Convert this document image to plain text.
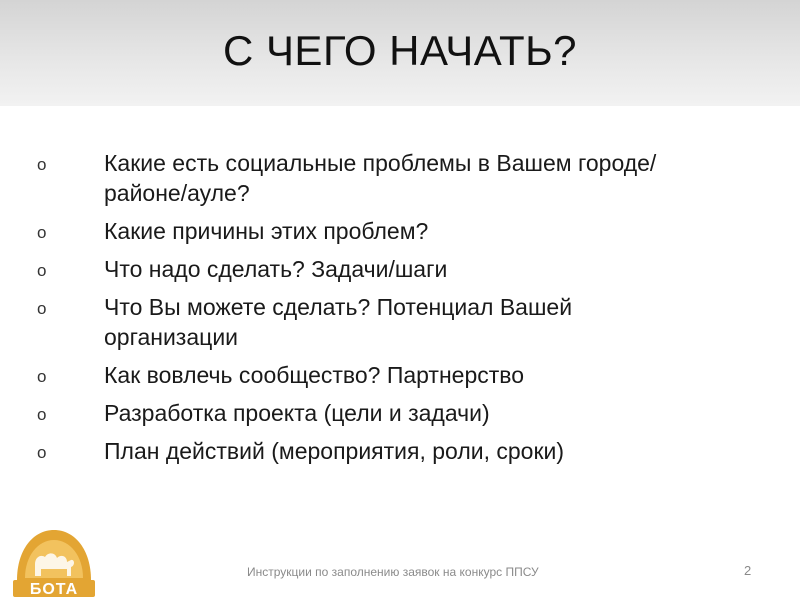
С ЧЕГО НАЧАТЬ?
o	Какие есть социальные проблемы в Вашем городе/районе/ауле?
o	Какие причины этих проблем?
o	Что надо сделать? Задачи/шаги
o	Что Вы можете сделать? Потенциал Вашей организации
o	Как вовлечь сообщество? Партнерство
o	Разработка проекта (цели и задачи)
o	План действий (мероприятия, роли, сроки)
БОТА
Инструкции по заполнению заявок на конкурс ППСУ	2
